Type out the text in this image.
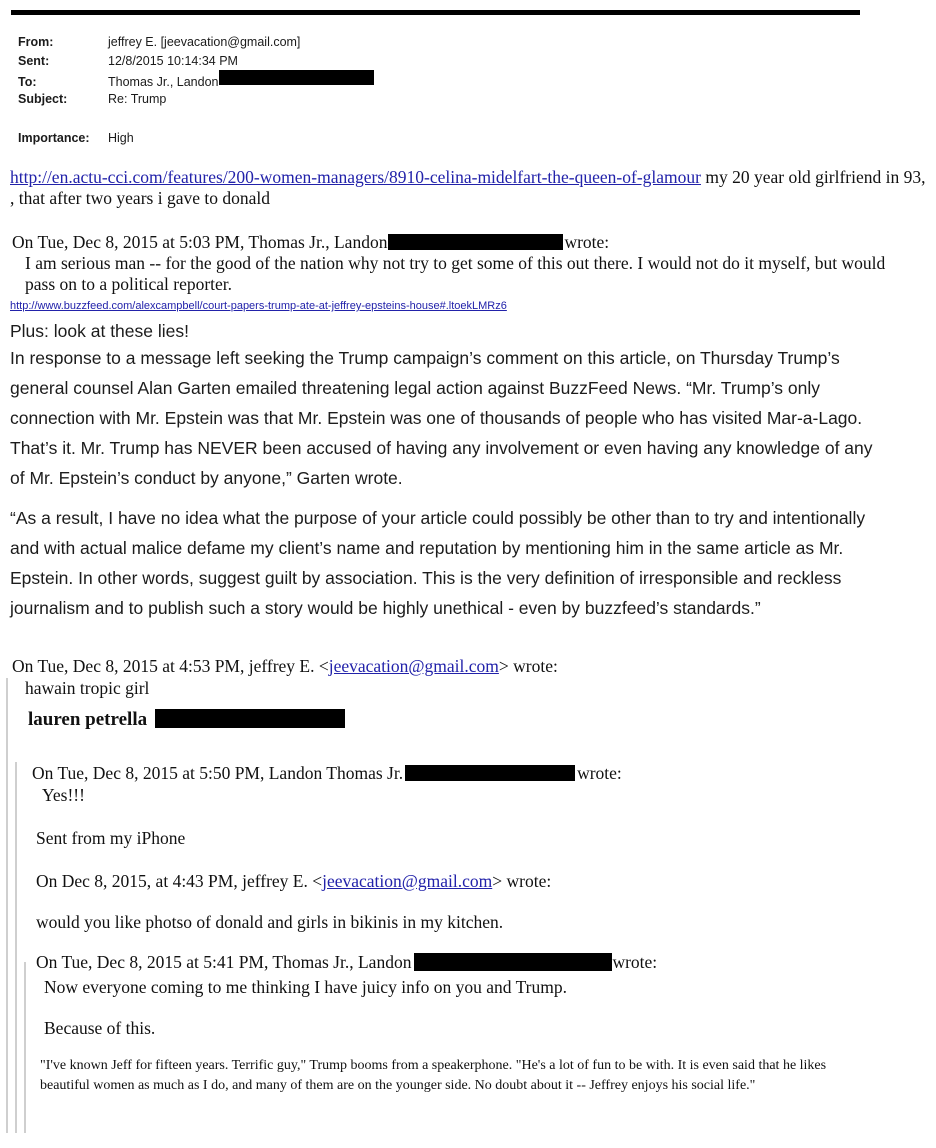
From:	jeffrey E. [jeevacation@gmail.com]
Sent:	12/8/2015 10:14:34 PM
To:	Thomas Jr., Landon
Subject:	Re: Trump
Importance:	High
http://en.actu-cci.com/features/200-women-managers/8910-celina-midelfart-the-queen-of-glamour my 20 year old girlfriend in 93, , that after two years i gave to donald
On Tue, Dec 8, 2015 at 5:03 PM, Thomas Jr., Landon	wrote:
I am serious man -- for the good of the nation why not try to get some of this out there. I would not do it myself, but would pass on to a political reporter.
http://www.buzzfeed.com/alexcampbell/court-papers-trump-ate-at-jeffrey-epsteins-house#.ltoekLMRz6
Plus: look at these lies!
In response to a message left seeking the Trump campaign’s comment on this article, on Thursday Trump’s general counsel Alan Garten emailed threatening legal action against BuzzFeed News. “Mr. Trump’s only connection with Mr. Epstein was that Mr. Epstein was one of thousands of people who has visited Mar-a-Lago. That’s it. Mr. Trump has NEVER been accused of having any involvement or even having any knowledge of any of Mr. Epstein’s conduct by anyone,” Garten wrote.
“As a result, I have no idea what the purpose of your article could possibly be other than to try and intentionally and with actual malice defame my client’s name and reputation by mentioning him in the same article as Mr. Epstein. In other words, suggest guilt by association. This is the very definition of irresponsible and reckless journalism and to publish such a story would be highly unethical - even by buzzfeed’s standards.”
On Tue, Dec 8, 2015 at 4:53 PM, jeffrey E. <jeevacation@gmail.com> wrote:
hawain tropic girl
lauren petrella
On Tue, Dec 8, 2015 at 5:50 PM, Landon Thomas Jr.	wrote:
Yes!!!
Sent from my iPhone
On Dec 8, 2015, at 4:43 PM, jeffrey E. <jeevacation@gmail.com> wrote:
would you like photso of donald and girls in bikinis in my kitchen.
On Tue, Dec 8, 2015 at 5:41 PM, Thomas Jr., Landon	wrote:
Now everyone coming to me thinking I have juicy info on you and Trump.
Because of this.
"I've known Jeff for fifteen years. Terrific guy," Trump booms from a speakerphone. "He's a lot of fun to be with. It is even said that he likes beautiful women as much as I do, and many of them are on the younger side. No doubt about it -- Jeffrey enjoys his social life."
